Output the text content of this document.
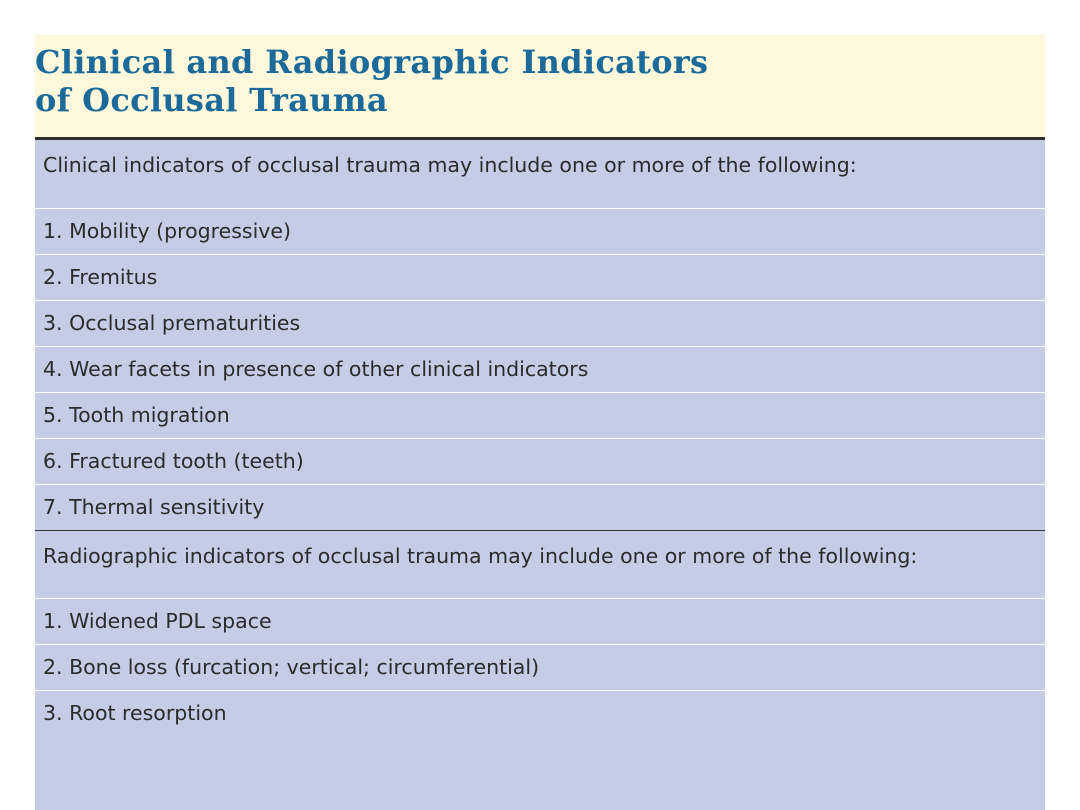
Clinical and Radiographic Indicators
of Occlusal Trauma

Clinical indicators of occlusal trauma may include one or more of the following:

1. Mobility (progressive)
2. Fremitus
3. Occlusal prematurities
4. Wear facets in presence of other clinical indicators
5. Tooth migration
6. Fractured tooth (teeth)
7. Thermal sensitivity

Radiographic indicators of occlusal trauma may include one or more of the following:

1. Widened PDL space
2. Bone loss (furcation; vertical; circumferential)
3. Root resorption
